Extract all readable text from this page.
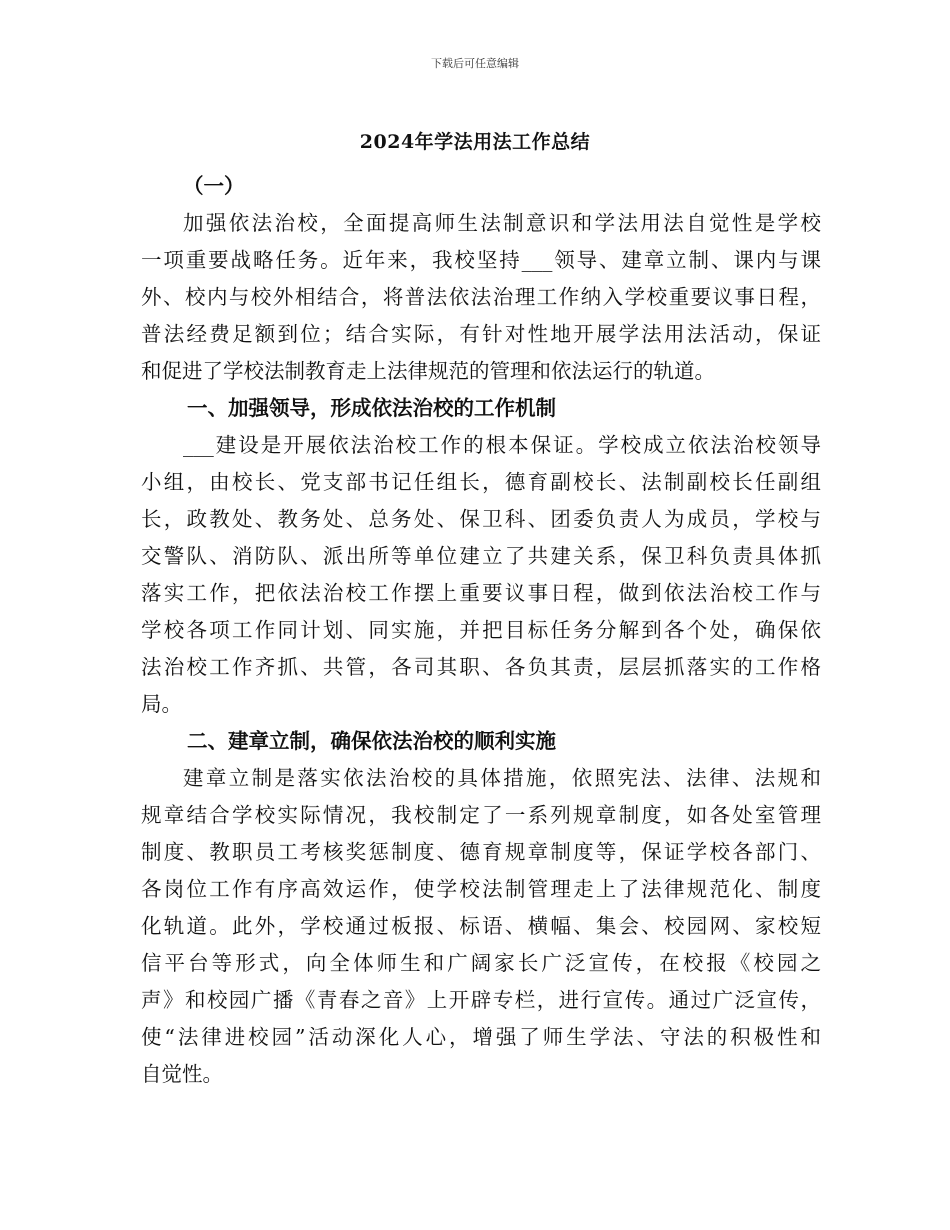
下载后可任意编辑
2024年学法用法工作总结
（一）
加强依法治校，全面提高师生法制意识和学法用法自觉性是学校
一项重要战略任务。近年来，我校坚持___领导、建章立制、课内与课
外、校内与校外相结合，将普法依法治理工作纳入学校重要议事日程，
普法经费足额到位；结合实际，有针对性地开展学法用法活动，保证
和促进了学校法制教育走上法律规范的管理和依法运行的轨道。
一、加强领导，形成依法治校的工作机制
___建设是开展依法治校工作的根本保证。学校成立依法治校领导
小组，由校长、党支部书记任组长，德育副校长、法制副校长任副组
长，政教处、教务处、总务处、保卫科、团委负责人为成员，学校与
交警队、消防队、派出所等单位建立了共建关系，保卫科负责具体抓
落实工作，把依法治校工作摆上重要议事日程，做到依法治校工作与
学校各项工作同计划、同实施，并把目标任务分解到各个处，确保依
法治校工作齐抓、共管，各司其职、各负其责，层层抓落实的工作格
局。
二、建章立制，确保依法治校的顺利实施
建章立制是落实依法治校的具体措施，依照宪法、法律、法规和
规章结合学校实际情况，我校制定了一系列规章制度，如各处室管理
制度、教职员工考核奖惩制度、德育规章制度等，保证学校各部门、
各岗位工作有序高效运作，使学校法制管理走上了法律规范化、制度
化轨道。此外，学校通过板报、标语、横幅、集会、校园网、家校短
信平台等形式，向全体师生和广阔家长广泛宣传，在校报《校园之
声》和校园广播《青春之音》上开辟专栏，进行宣传。通过广泛宣传，
使“法律进校园”活动深化人心，增强了师生学法、守法的积极性和
自觉性。
